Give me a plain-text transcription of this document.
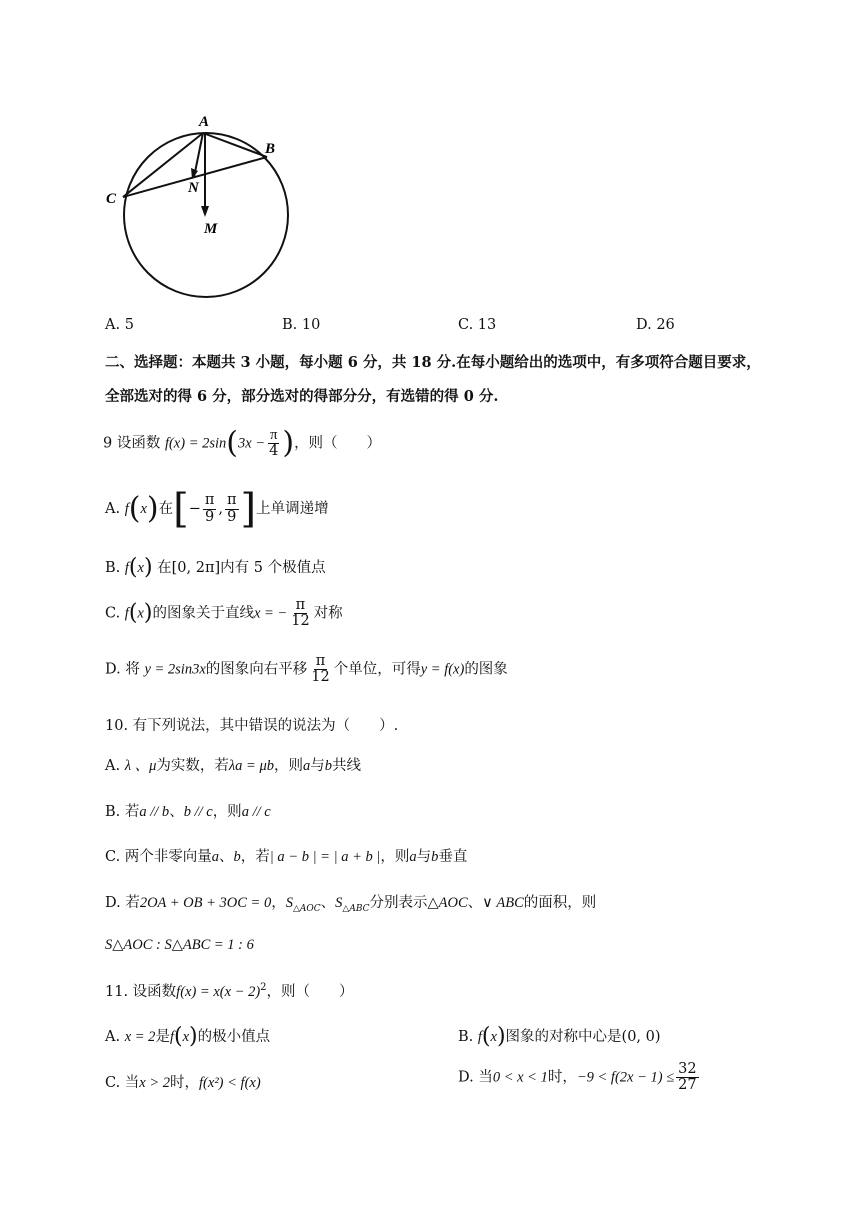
A
B
C
N
M
A. 5	B. 10	C. 13	D. 26
二、选择题：本题共 3 小题，每小题 6 分，共 18 分.在每小题给出的选项中，有多项符合题目要求，
全部选对的得 6 分，部分选对的得部分分，有选错的得 0 分.
9 设函数 $f(x) = 2\sin(3x - \frac{\pi}{4}$ )，则（　　）
A. f(x)在[− $\frac{\pi}{9}$ , $\frac{\pi}{9}$ ]上单调递增
B. f(x) 在[0, 2π]内有 5 个极值点
C. f(x)的图象关于直线x = − $\frac{\pi}{12}$ 对称
D. 将 y = 2sin3x的图象向右平移 $\frac{\pi}{12}$ 个单位，可得y = f(x)的图象
10. 有下列说法，其中错误的说法为（　　）.
A. λ 、μ为实数，若λa = μb，则a与b共线
B. 若a // b、b // c，则a // c
C. 两个非零向量a、b，若| a − b | = | a + b |，则a与b垂直
D. 若2OA + OB + 3OC = 0，$S_{\triangle AOC}$、$S_{\triangle ABC}$分别表示△AOC、∨ ABC的面积，则
S△AOC : S△ABC = 1 : 6
11. 设函数$f(x) = x(x - 2)^2$，则（　　）
A. x = 2是f(x)的极小值点	B. f(x)图象的对称中心是(0, 0)
C. 当x > 2时，f(x²) < f(x)	D. 当0 < x < 1时，$-9 < f(2x - 1) \le \frac{32}{27}$
